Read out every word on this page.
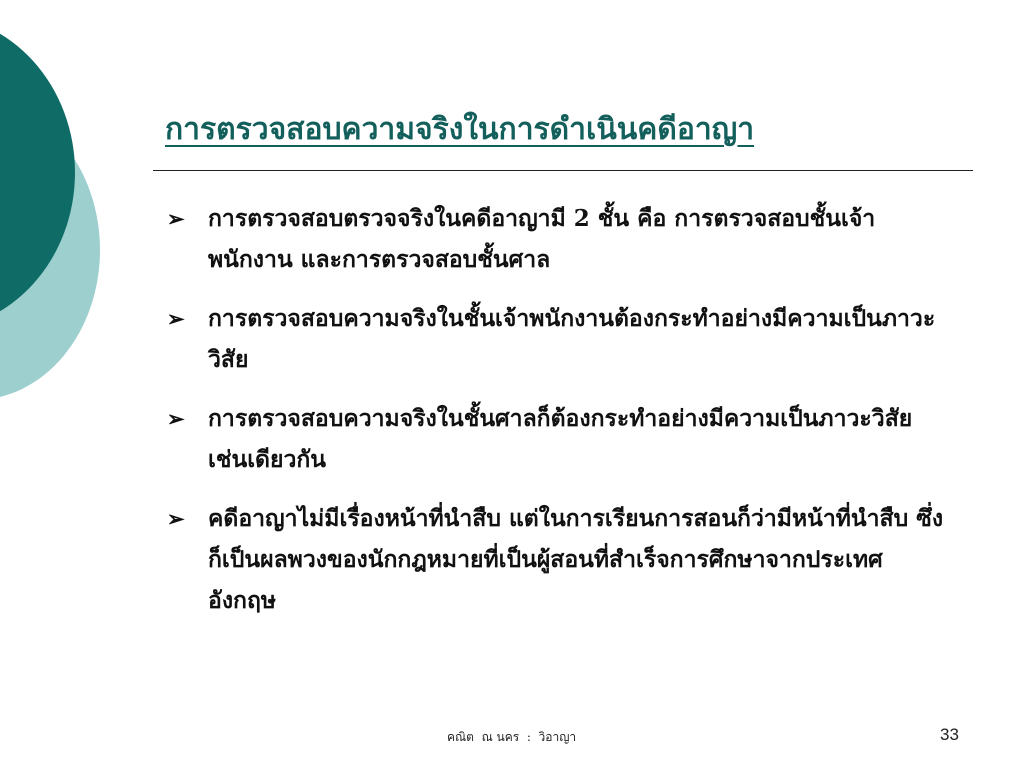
การตรวจสอบความจริงในการดำเนินคดีอาญา
➢ การตรวจสอบตรวจจริงในคดีอาญามี 2 ชั้น คือ การตรวจสอบชั้นเจ้าพนักงาน และการตรวจสอบชั้นศาล
➢ การตรวจสอบความจริงในชั้นเจ้าพนักงานต้องกระทำอย่างมีความเป็นภาวะวิสัย
➢ การตรวจสอบความจริงในชั้นศาลก็ต้องกระทำอย่างมีความเป็นภาวะวิสัยเช่นเดียวกัน
➢ คดีอาญาไม่มีเรื่องหน้าที่นำสืบ แต่ในการเรียนการสอนก็ว่ามีหน้าที่นำสืบ ซึ่งก็เป็นผลพวงของนักกฎหมายที่เป็นผู้สอนที่สำเร็จการศึกษาจากประเทศอังกฤษ
คณิต  ณ นคร  :  วิอาญา	33
